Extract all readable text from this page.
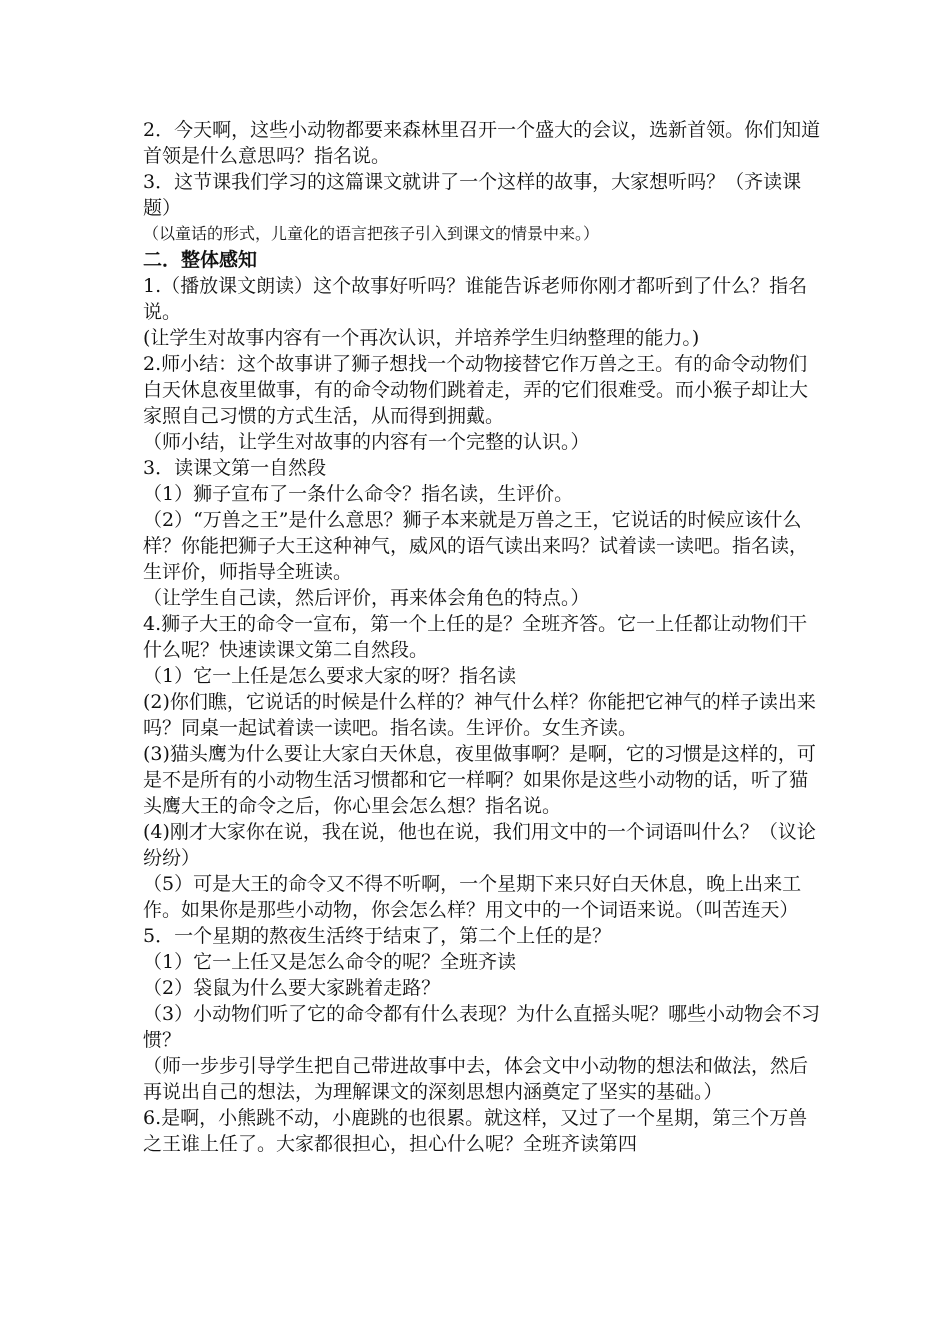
2．今天啊，这些小动物都要来森林里召开一个盛大的会议，选新首领。你们知道首领是什么意思吗？指名说。

3．这节课我们学习的这篇课文就讲了一个这样的故事，大家想听吗？（齐读课题）

（以童话的形式，儿童化的语言把孩子引入到课文的情景中来。）

二．整体感知

1.（播放课文朗读）这个故事好听吗？谁能告诉老师你刚才都听到了什么？指名说。

(让学生对故事内容有一个再次认识，并培养学生归纳整理的能力。)

2.师小结：这个故事讲了狮子想找一个动物接替它作万兽之王。有的命令动物们白天休息夜里做事，有的命令动物们跳着走，弄的它们很难受。而小猴子却让大家照自己习惯的方式生活，从而得到拥戴。

（师小结，让学生对故事的内容有一个完整的认识。）

3．读课文第一自然段

（1）狮子宣布了一条什么命令？指名读，生评价。

（2）“万兽之王”是什么意思？狮子本来就是万兽之王，它说话的时候应该什么样？你能把狮子大王这种神气，威风的语气读出来吗？试着读一读吧。指名读，生评价，师指导全班读。

（让学生自己读，然后评价，再来体会角色的特点。）

4.狮子大王的命令一宣布，第一个上任的是？全班齐答。它一上任都让动物们干什么呢？快速读课文第二自然段。

（1）它一上任是怎么要求大家的呀？指名读

(2)你们瞧，它说话的时候是什么样的？神气什么样？你能把它神气的样子读出来吗？同桌一起试着读一读吧。指名读。生评价。女生齐读。

(3)猫头鹰为什么要让大家白天休息，夜里做事啊？是啊，它的习惯是这样的，可是不是所有的小动物生活习惯都和它一样啊？如果你是这些小动物的话，听了猫头鹰大王的命令之后，你心里会怎么想？指名说。

(4)刚才大家你在说，我在说，他也在说，我们用文中的一个词语叫什么？（议论纷纷）

（5）可是大王的命令又不得不听啊，一个星期下来只好白天休息，晚上出来工作。如果你是那些小动物，你会怎么样？用文中的一个词语来说。（叫苦连天）

5．一个星期的熬夜生活终于结束了，第二个上任的是？

（1）它一上任又是怎么命令的呢？全班齐读

（2）袋鼠为什么要大家跳着走路？

（3）小动物们听了它的命令都有什么表现？为什么直摇头呢？哪些小动物会不习惯？

（师一步步引导学生把自己带进故事中去，体会文中小动物的想法和做法，然后再说出自己的想法，为理解课文的深刻思想内涵奠定了坚实的基础。）

6.是啊，小熊跳不动，小鹿跳的也很累。就这样，又过了一个星期，第三个万兽之王谁上任了。大家都很担心，担心什么呢？全班齐读第四
